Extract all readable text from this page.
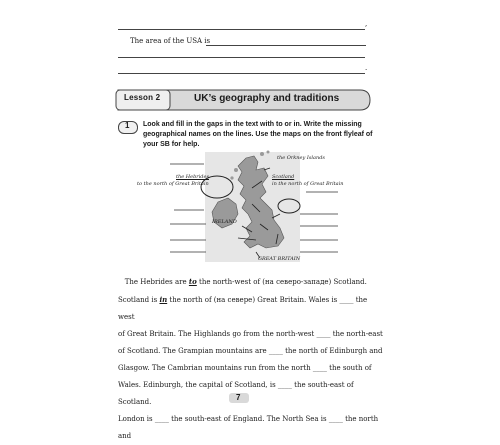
,
The area of the USA is
.
Lesson 2	UK’s geography and traditions
1 Look and fill in the gaps in the text with to or in. Write the missing
geographical names on the lines. Use the maps on the front flyleaf of
your SB for help.
the Orkney Islands
the Hebrides
to the north of Great Britain
Scotland
in the north of Great Britain
IRELAND
GREAT BRITAIN
The Hebrides are to the north-west of (на северо-западе) Scotland.
Scotland is in the north of (на севере) Great Britain. Wales is ____ the west
of Great Britain. The Highlands go from the north-west ____ the north-east
of Scotland. The Grampian mountains are ____ the north of Edinburgh and
Glasgow. The Cambrian mountains run from the north ____ the south of
Wales. Edinburgh, the capital of Scotland, is ____ the south-east of Scotland.
London is ____ the south-east of England. The North Sea is ____ the north and
7
